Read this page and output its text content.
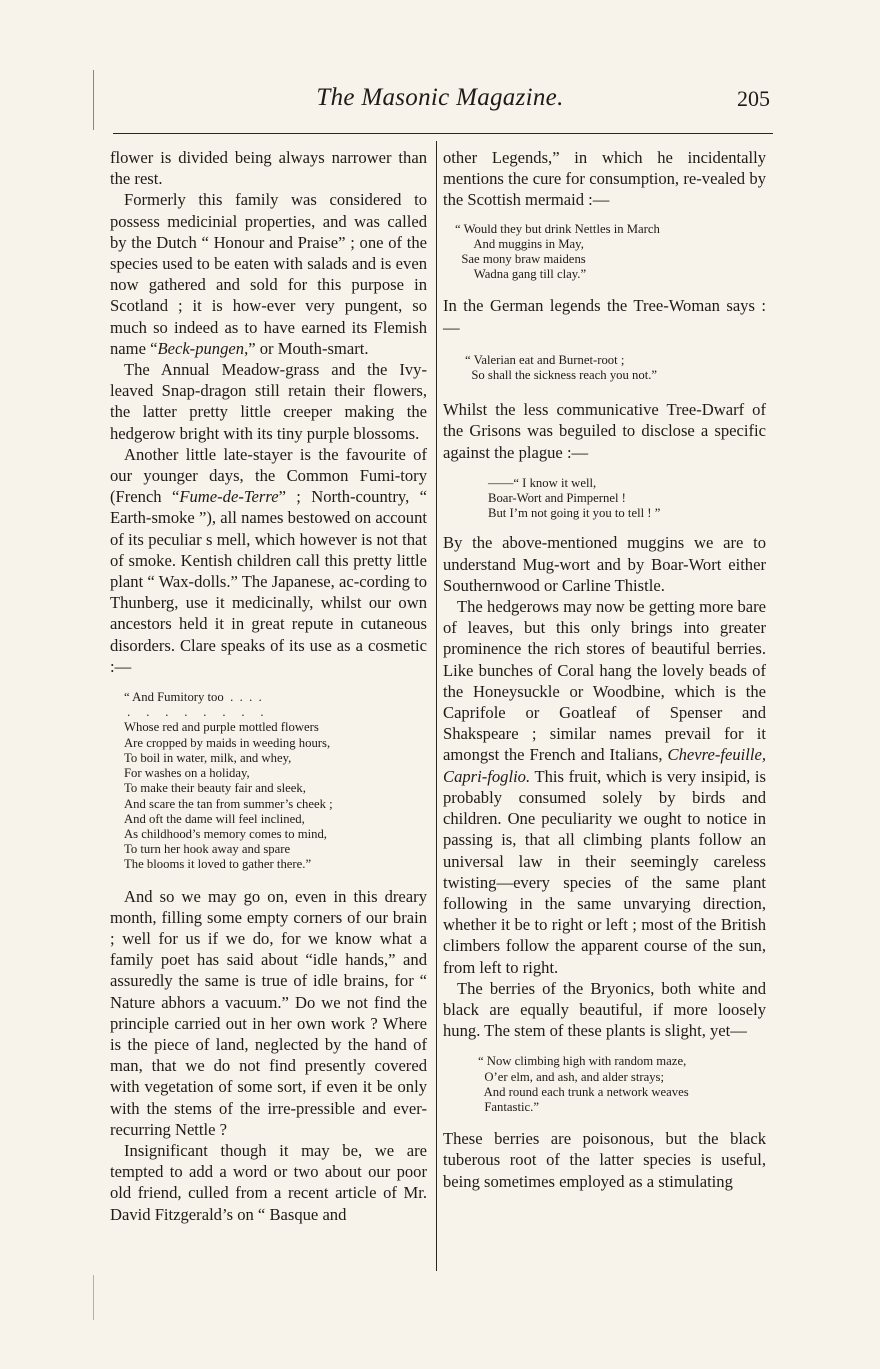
The Masonic Magazine.	205

flower is divided being always narrower than the rest.

Formerly this family was considered to possess medicinial properties, and was called by the Dutch “ Honour and Praise” ; one of the species used to be eaten with salads and is even now gathered and sold for this purpose in Scotland ; it is how-ever very pungent, so much so indeed as to have earned its Flemish name “Beck-pungen,” or Mouth-smart.

The Annual Meadow-grass and the Ivy-leaved Snap-dragon still retain their flowers, the latter pretty little creeper making the hedgerow bright with its tiny purple blossoms.

Another little late-stayer is the favourite of our younger days, the Common Fumi-tory (French “Fume-de-Terre” ; North-country, “ Earth-smoke ”), all names bestowed on account of its peculiar s mell, which however is not that of smoke. Kentish children call this pretty little plant “ Wax-dolls.” The Japanese, ac-cording to Thunberg, use it medicinally, whilst our own ancestors held it in great repute in cutaneous disorders. Clare speaks of its use as a cosmetic :—

“ And Fumitory too  .  .  .  .
.     .     .     .     .     .     .     .
Whose red and purple mottled flowers
Are cropped by maids in weeding hours,
To boil in water, milk, and whey,
For washes on a holiday,
To make their beauty fair and sleek,
And scare the tan from summer’s cheek ;
And oft the dame will feel inclined,
As childhood’s memory comes to mind,
To turn her hook away and spare
The blooms it loved to gather there.”

And so we may go on, even in this dreary month, filling some empty corners of our brain ; well for us if we do, for we know what a family poet has said about “idle hands,” and assuredly the same is true of idle brains, for “ Nature abhors a vacuum.” Do we not find the principle carried out in her own work ? Where is the piece of land, neglected by the hand of man, that we do not find presently covered with vegetation of some sort, if even it be only with the stems of the irre-pressible and ever-recurring Nettle ?

Insignificant though it may be, we are tempted to add a word or two about our poor old friend, culled from a recent article of Mr. David Fitzgerald’s on “ Basque and

other Legends,” in which he incidentally mentions the cure for consumption, re-vealed by the Scottish mermaid :—

“ Would they but drink Nettles in March
And muggins in May,
Sae mony braw maidens
Wadna gang till clay.”

In the German legends the Tree-Woman says :—

“ Valerian eat and Burnet-root ;
So shall the sickness reach you not.”

Whilst the less communicative Tree-Dwarf of the Grisons was beguiled to disclose a specific against the plague :—

——“ I know it well,
Boar-Wort and Pimpernel !
But I’m not going it you to tell ! ”

By the above-mentioned muggins we are to understand Mug-wort and by Boar-Wort either Southernwood or Carline Thistle.

The hedgerows may now be getting more bare of leaves, but this only brings into greater prominence the rich stores of beautiful berries. Like bunches of Coral hang the lovely beads of the Honeysuckle or Woodbine, which is the Caprifole or Goatleaf of Spenser and Shakspeare ; similar names prevail for it amongst the French and Italians, Chevre-feuille, Capri-foglio. This fruit, which is very insipid, is probably consumed solely by birds and children. One peculiarity we ought to notice in passing is, that all climbing plants follow an universal law in their seemingly careless twisting—every species of the same plant following in the same unvarying direction, whether it be to right or left ; most of the British climbers follow the apparent course of the sun, from left to right.

The berries of the Bryonics, both white and black are equally beautiful, if more loosely hung. The stem of these plants is slight, yet—

“ Now climbing high with random maze,
O’er elm, and ash, and alder strays;
And round each trunk a network weaves
Fantastic.”

These berries are poisonous, but the black tuberous root of the latter species is useful, being sometimes employed as a stimulating
